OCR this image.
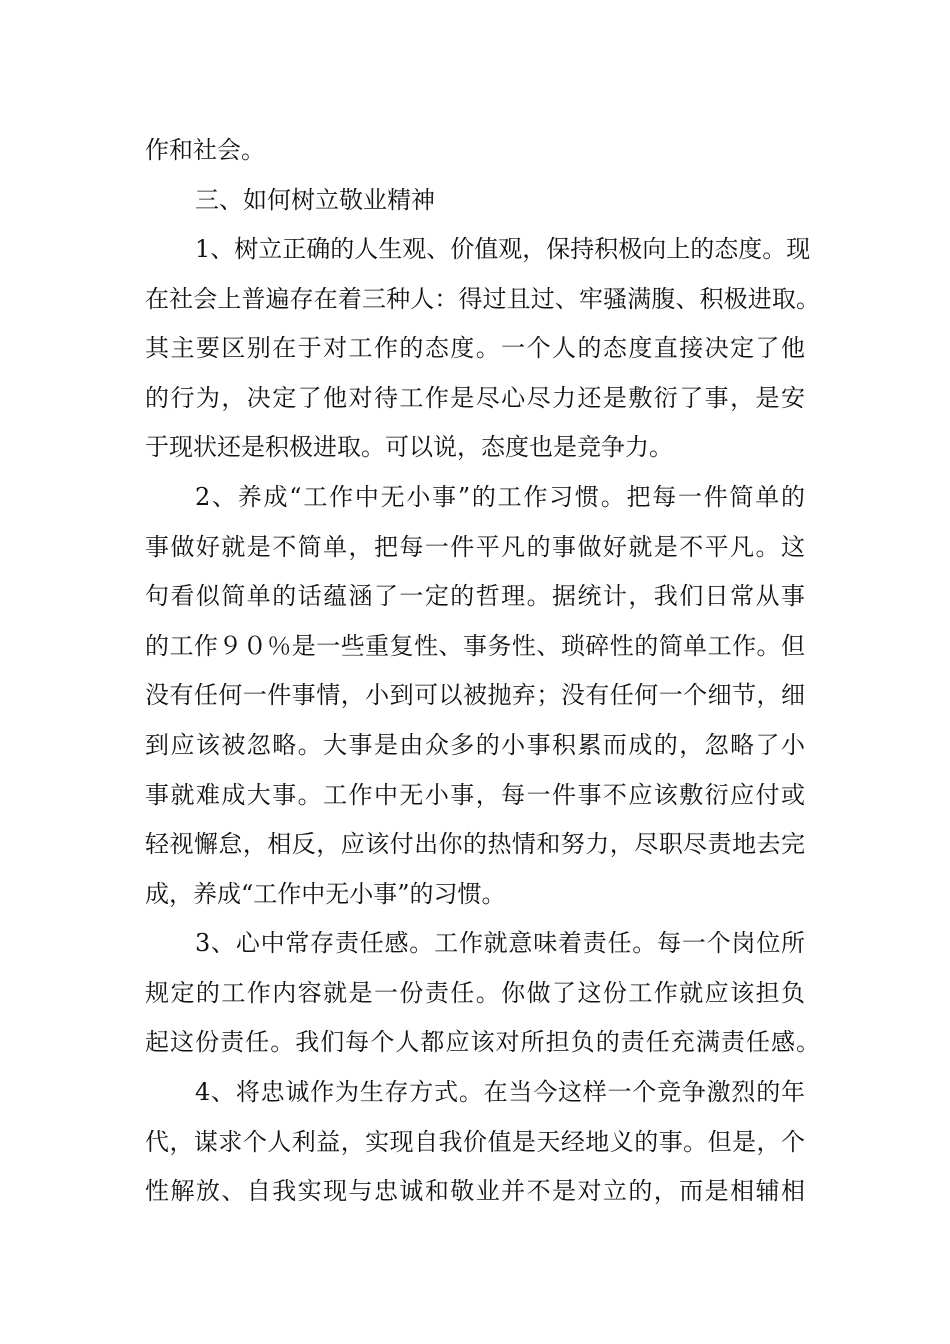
作和社会。
三、如何树立敬业精神
1、树立正确的人生观、价值观，保持积极向上的态度。现
在社会上普遍存在着三种人：得过且过、牢骚满腹、积极进取。
其主要区别在于对工作的态度。一个人的态度直接决定了他
的行为，决定了他对待工作是尽心尽力还是敷衍了事，是安
于现状还是积极进取。可以说，态度也是竞争力。
2、养成“工作中无小事”的工作习惯。把每一件简单的
事做好就是不简单，把每一件平凡的事做好就是不平凡。这
句看似简单的话蕴涵了一定的哲理。据统计，我们日常从事
的工作９０％是一些重复性、事务性、琐碎性的简单工作。但
没有任何一件事情，小到可以被抛弃；没有任何一个细节，细
到应该被忽略。大事是由众多的小事积累而成的，忽略了小
事就难成大事。工作中无小事，每一件事不应该敷衍应付或
轻视懈怠，相反，应该付出你的热情和努力，尽职尽责地去完
成，养成“工作中无小事”的习惯。
3、心中常存责任感。工作就意味着责任。每一个岗位所
规定的工作内容就是一份责任。你做了这份工作就应该担负
起这份责任。我们每个人都应该对所担负的责任充满责任感。
4、将忠诚作为生存方式。在当今这样一个竞争激烈的年
代，谋求个人利益，实现自我价值是天经地义的事。但是，个
性解放、自我实现与忠诚和敬业并不是对立的，而是相辅相
